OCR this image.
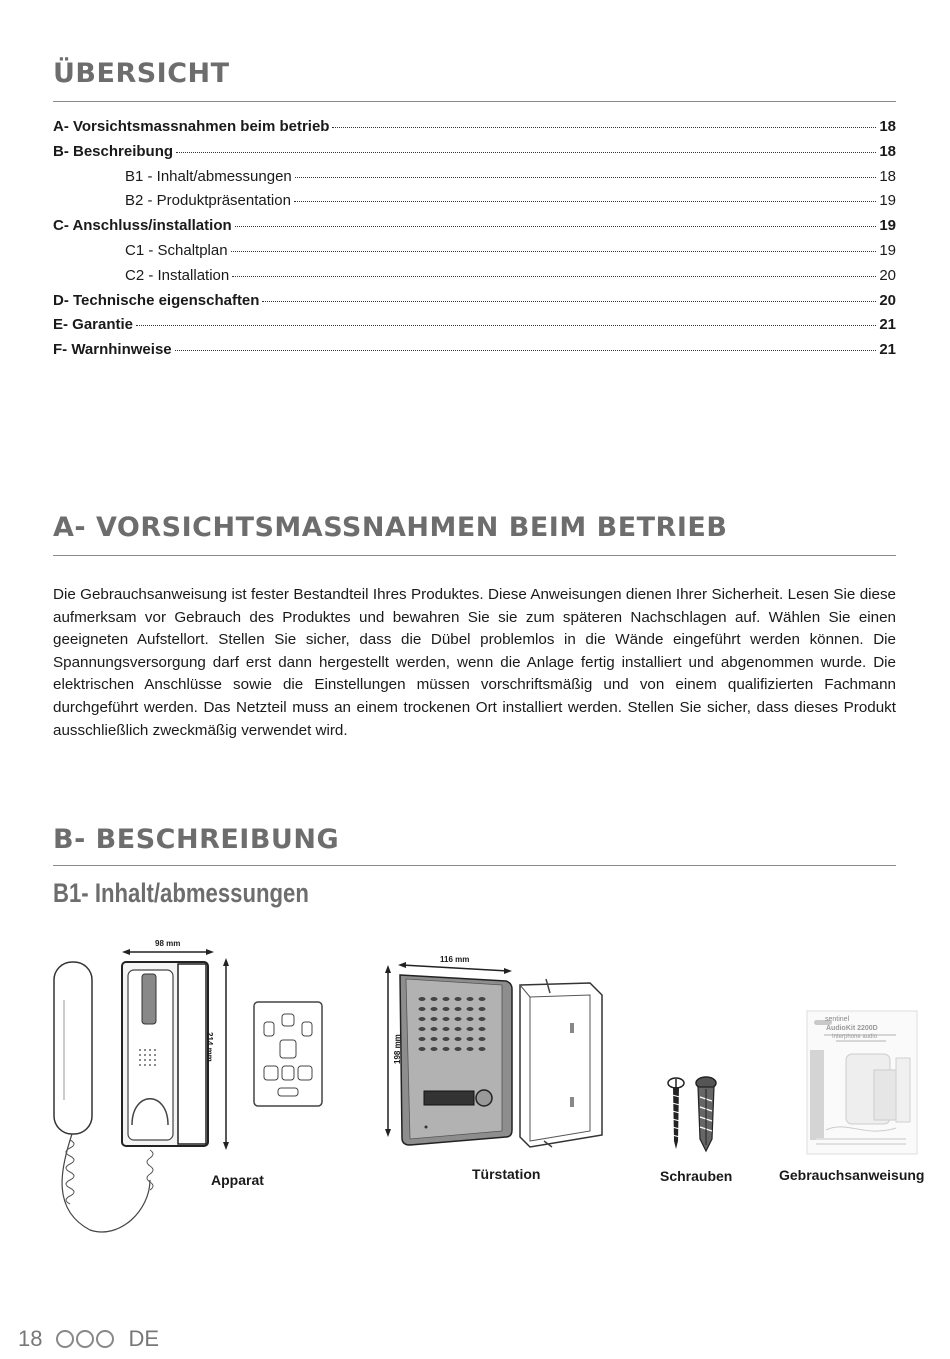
ÜBERSICHT
A- Vorsichtsmassnahmen beim betrieb	18
B- Beschreibung	18
B1 - Inhalt/abmessungen	18
B2 - Produktpräsentation	19
C- Anschluss/installation	19
C1 - Schaltplan	19
C2 - Installation	20
D- Technische eigenschaften	20
E- Garantie	21
F- Warnhinweise	21
A- VORSICHTSMASSNAHMEN BEIM BETRIEB

Die Gebrauchsanweisung ist fester Bestandteil Ihres Produktes. Diese Anweisungen dienen Ihrer Sicherheit. Lesen Sie diese aufmerksam vor Gebrauch des Produktes und bewahren Sie sie zum späteren Nachschlagen auf. Wählen Sie einen geeigneten Aufstellort. Stellen Sie sicher, dass die Dübel problemlos in die Wände eingeführt werden können. Die Spannungsversorgung darf erst dann hergestellt werden, wenn die Anlage fertig installiert und abgenommen wurde. Die elektrischen Anschlüsse sowie die Einstellungen müssen vorschriftsmäßig und von einem qualifizierten Fachmann durchgeführt werden. Das Netzteil muss an einem trockenen Ort installiert werden. Stellen Sie sicher, dass dieses Produkt ausschließlich zweckmäßig verwendet wird.

B- BESCHREIBUNG
B1- Inhalt/abmessungen
98 mm
214 mm
Apparat
116 mm
198 mm
Türstation	Schrauben
sentinel
AudioKit 2200D
Interphone audio
Gebrauchsanweisung
18	DE
